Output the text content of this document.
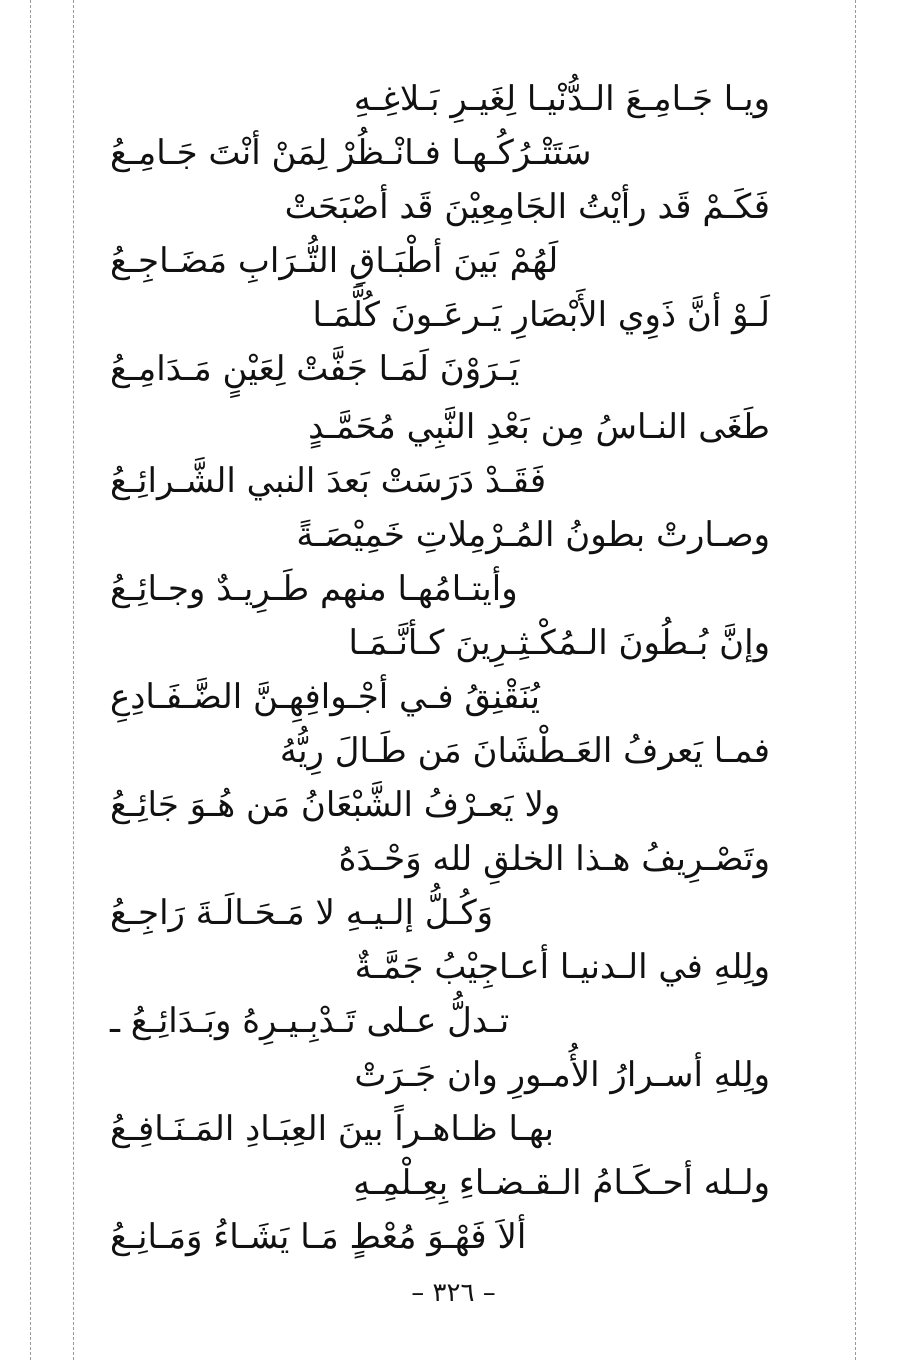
ويـا جَـامِـعَ الـدُّنْيـا لِغَيـرِ بَـلاغِـهِ
سَتَتْـرُكُـهـا فـانْـظُرْ لِمَنْ أنْتَ جَـامِـعُ
فَكَـمْ قَد رأيْتُ الجَامِعِيْنَ قَد أصْبَحَتْ
لَهُمْ بَينَ أطْبَـاقِ التُّـرَابِ مَضَـاجِـعُ
لَـوْ أنَّ ذَوِي الأَبْصَارِ يَـرعَـونَ كُلَّمَـا
يَـرَوْنَ لَمَـا جَفَّتْ لِعَيْنٍ مَـدَامِـعُ
طَغَى النـاسُ مِن بَعْدِ النَّبِي مُحَمَّـدٍ
فَقَـدْ دَرَسَتْ بَعدَ النبي الشَّـرائِـعُ
وصـارتْ بطونُ المُـرْمِلاتِ خَمِيْصَـةً
وأيتـامُهـا منهم طَـرِيـدٌ وجـائِـعُ
وإنَّ بُـطُونَ الـمُكْـثِـرِينَ كـأنَّـمَـا
يُنَقْنِقُ فـي أجْـوافِهِـنَّ الضَّـفَـادِعِ
فمـا يَعرفُ العَـطْشَانَ مَن طَـالَ رِيُّهُ
ولا يَعـرْفُ الشَّبْعَانُ مَن هُـوَ جَائِـعُ
وتَصْـرِيفُ هـذا الخلقِ لله وَحْـدَهُ
وَكُـلُّ إلـيـهِ لا مَـحَـالَـةَ رَاجِـعُ
ولِلهِ في الـدنيـا أعـاجِيْبُ جَمَّـةٌ
تـدلُّ عـلى تَـدْبِـيـرِهُ وبَـدَائِـعُ ـ
ولِلهِ أسـرارُ الأُمـورِ وان جَـرَتْ
بهـا ظـاهـراً بينَ العِبَـادِ المَـنَـافِـعُ
ولـله أحـكَـامُ الـقـضـاءِ بِعِـلْمِـهِ
ألاَ فَهْـوَ مُعْطٍ مَـا يَشَـاءُ وَمَـانِـعُ
– ٣٢٦ –
